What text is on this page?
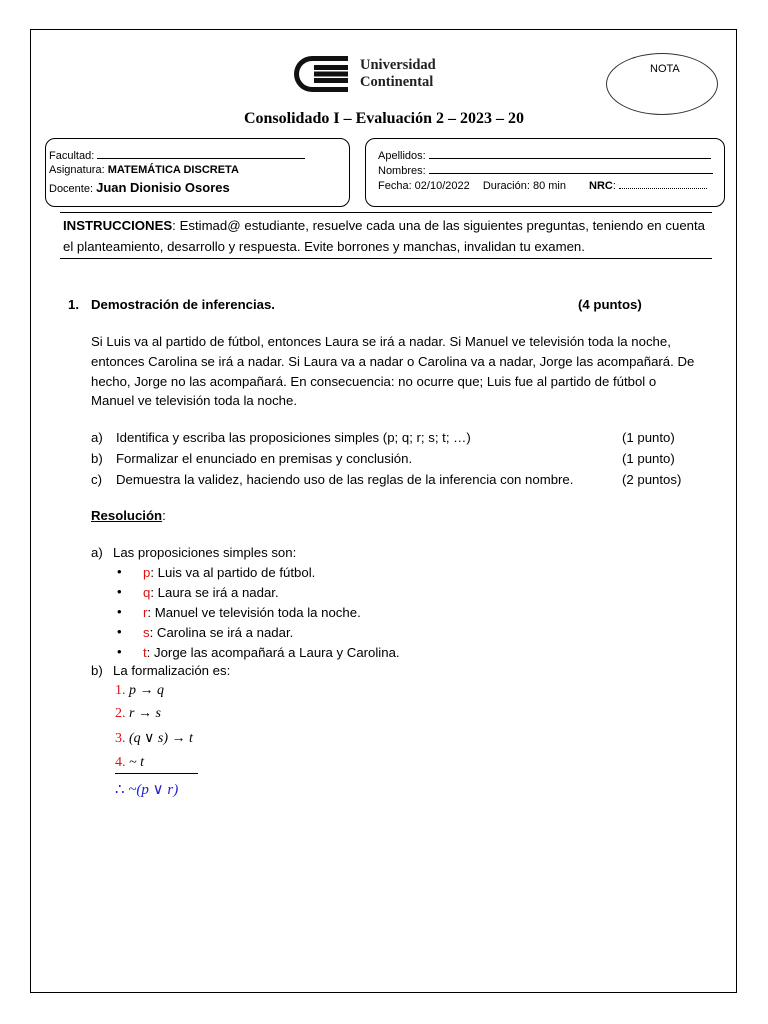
Universidad
Continental
NOTA
Consolidado I – Evaluación 2 – 2023 – 20
Facultad:
Asignatura: MATEMÁTICA DISCRETA
Docente: Juan Dionisio Osores
Apellidos:
Nombres:
Fecha: 02/10/2022 Duración: 80 min NRC:
INSTRUCCIONES: Estimad@ estudiante, resuelve cada una de las siguientes preguntas, teniendo en cuenta el planteamiento, desarrollo y respuesta. Evite borrones y manchas, invalidan tu examen.
1. Demostración de inferencias.	(4 puntos)
Si Luis va al partido de fútbol, entonces Laura se irá a nadar. Si Manuel ve televisión toda la noche, entonces Carolina se irá a nadar. Si Laura va a nadar o Carolina va a nadar, Jorge las acompañará. De hecho, Jorge no las acompañará. En consecuencia: no ocurre que; Luis fue al partido de fútbol o Manuel ve televisión toda la noche.
a) Identifica y escriba las proposiciones simples (p; q; r; s; t; …)	(1 punto)
b) Formalizar el enunciado en premisas y conclusión.	(1 punto)
c) Demuestra la validez, haciendo uso de las reglas de la inferencia con nombre.	(2 puntos)
Resolución:
a) Las proposiciones simples son:
• p: Luis va al partido de fútbol.
• q: Laura se irá a nadar.
• r: Manuel ve televisión toda la noche.
• s: Carolina se irá a nadar.
• t: Jorge las acompañará a Laura y Carolina.
b) La formalización es:
1. p → q
2. r → s
3. (q ∨ s) → t
4. ~ t
∴ ~(p ∨ r)
